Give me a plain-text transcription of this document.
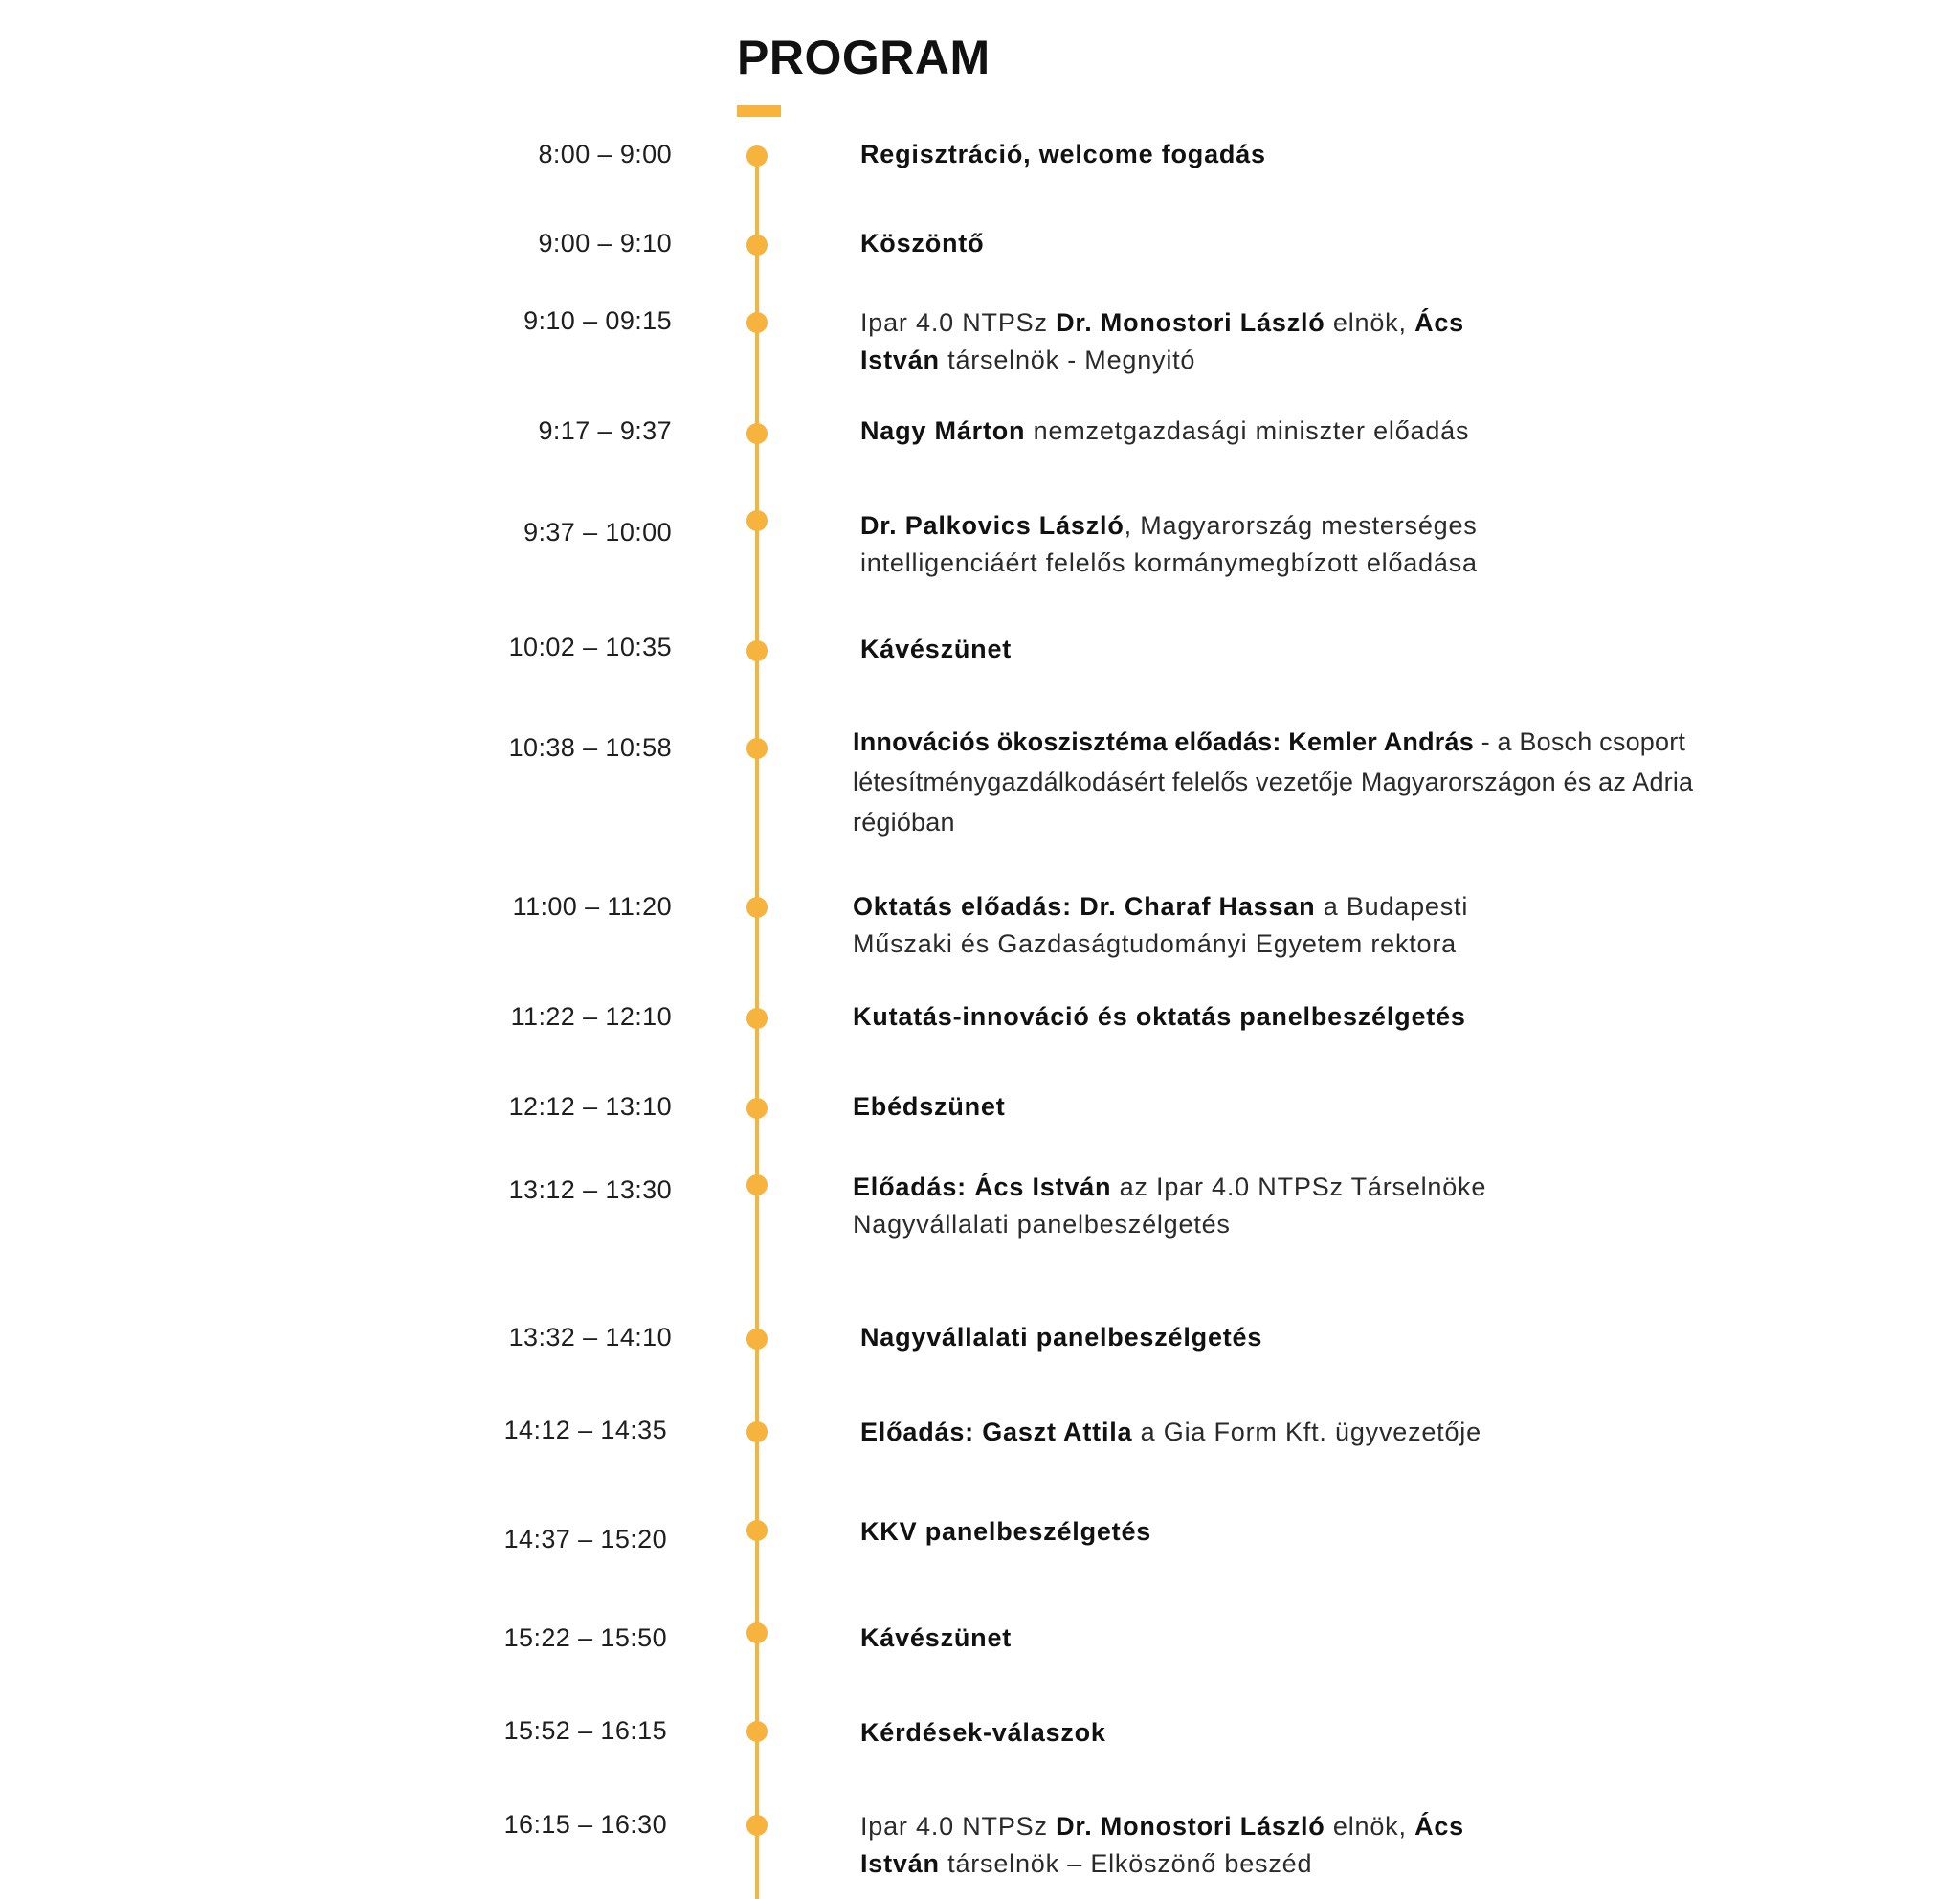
PROGRAM
8:00 – 9:00	Regisztráció, welcome fogadás
9:00 – 9:10	Köszöntő
9:10 – 09:15	Ipar 4.0 NTPSz Dr. Monostori László elnök, Ács
István társelnök - Megnyitó
9:17 – 9:37	Nagy Márton nemzetgazdasági miniszter előadás
9:37 – 10:00	Dr. Palkovics László, Magyarország mesterséges
intelligenciáért felelős kormánymegbízott előadása
10:02 – 10:35	Kávészünet
10:38 – 10:58	Innovációs ökoszisztéma előadás: Kemler András - a Bosch csoport
létesítménygazdálkodásért felelős vezetője Magyarországon és az Adria
régióban
11:00 – 11:20	Oktatás előadás: Dr. Charaf Hassan a Budapesti
Műszaki és Gazdaságtudományi Egyetem rektora
11:22 – 12:10	Kutatás-innováció és oktatás panelbeszélgetés
12:12 – 13:10	Ebédszünet
13:12 – 13:30	Előadás: Ács István az Ipar 4.0 NTPSz Társelnöke
Nagyvállalati panelbeszélgetés
13:32 – 14:10	Nagyvállalati panelbeszélgetés
14:12 – 14:35	Előadás: Gaszt Attila a Gia Form Kft. ügyvezetője
14:37 – 15:20	KKV panelbeszélgetés
15:22 – 15:50	Kávészünet
15:52 – 16:15	Kérdések-válaszok
16:15 – 16:30	Ipar 4.0 NTPSz Dr. Monostori László elnök, Ács
István társelnök – Elköszönő beszéd
